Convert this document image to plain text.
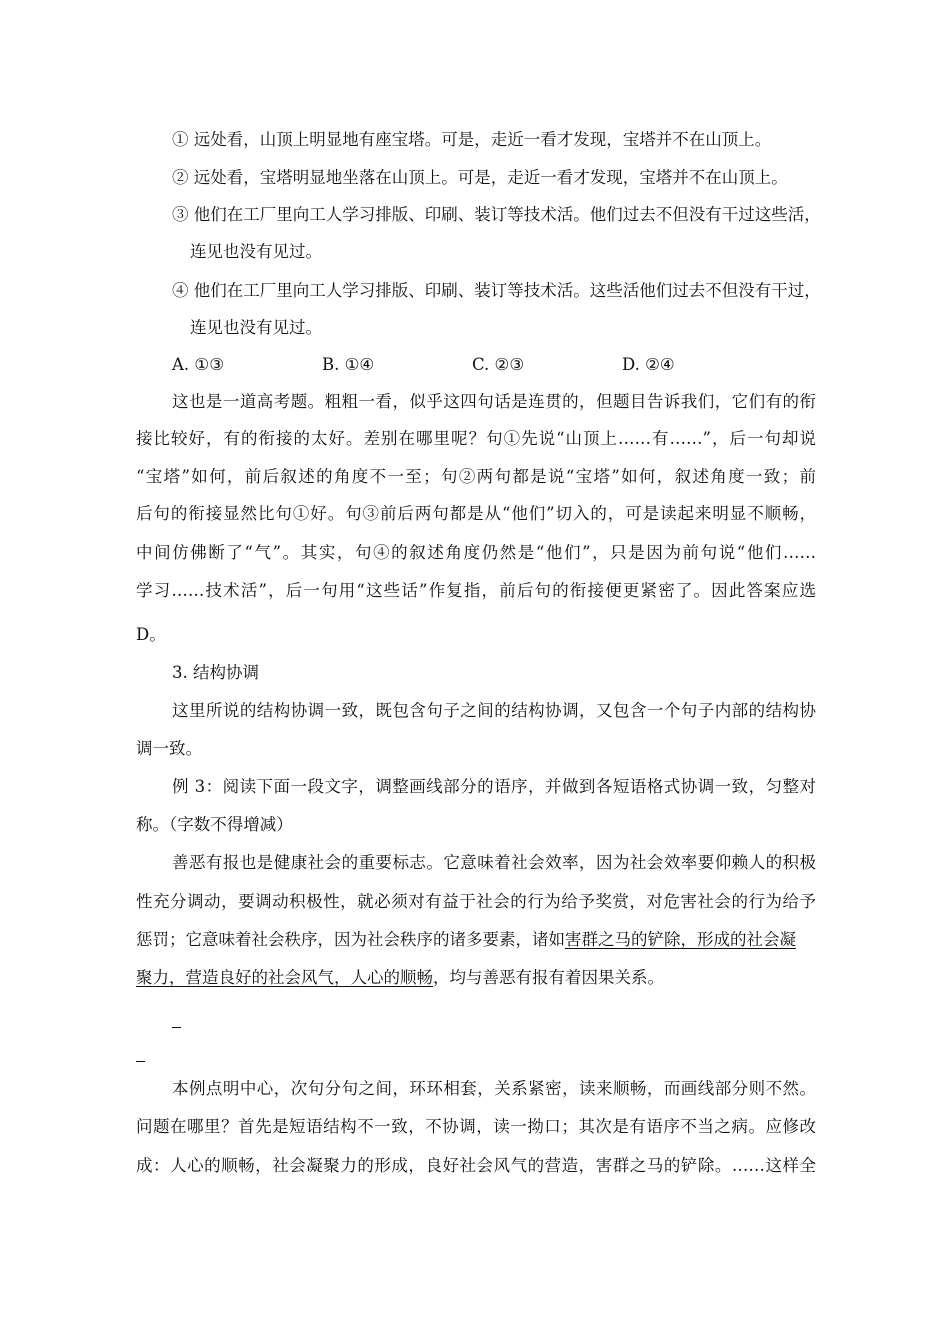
① 远处看，山顶上明显地有座宝塔。可是，走近一看才发现，宝塔并不在山顶上。
② 远处看，宝塔明显地坐落在山顶上。可是，走近一看才发现，宝塔并不在山顶上。
③ 他们在工厂里向工人学习排版、印刷、装订等技术活。他们过去不但没有干过这些活，
连见也没有见过。
④ 他们在工厂里向工人学习排版、印刷、装订等技术活。这些活他们过去不但没有干过，
连见也没有见过。
A. ①③	B. ①④	C. ②③	D. ②④
这也是一道高考题。粗粗一看，似乎这四句话是连贯的，但题目告诉我们，它们有的衔
接比较好，有的衔接的太好。差别在哪里呢？句①先说“山顶上……有……”，后一句却说
“宝塔”如何，前后叙述的角度不一至；句②两句都是说“宝塔”如何，叙述角度一致；前
后句的衔接显然比句①好。句③前后两句都是从“他们”切入的，可是读起来明显不顺畅，
中间仿佛断了“气”。其实，句④的叙述角度仍然是“他们”，只是因为前句说“他们……
学习……技术活”，后一句用“这些话”作复指，前后句的衔接便更紧密了。因此答案应选
D。
3. 结构协调
这里所说的结构协调一致，既包含句子之间的结构协调，又包含一个句子内部的结构协
调一致。
例 3：阅读下面一段文字，调整画线部分的语序，并做到各短语格式协调一致，匀整对
称。（字数不得增减）
善恶有报也是健康社会的重要标志。它意味着社会效率，因为社会效率要仰赖人的积极
性充分调动，要调动积极性，就必须对有益于社会的行为给予奖赏，对危害社会的行为给予
惩罚；它意味着社会秩序，因为社会秩序的诸多要素，诸如害群之马的铲除，形成的社会凝
聚力，营造良好的社会风气，人心的顺畅，均与善恶有报有着因果关系。
本例点明中心，次句分句之间，环环相套，关系紧密，读来顺畅，而画线部分则不然。
问题在哪里？首先是短语结构不一致，不协调，读一拗口；其次是有语序不当之病。应修改
成：人心的顺畅，社会凝聚力的形成，良好社会风气的营造，害群之马的铲除。……这样全
